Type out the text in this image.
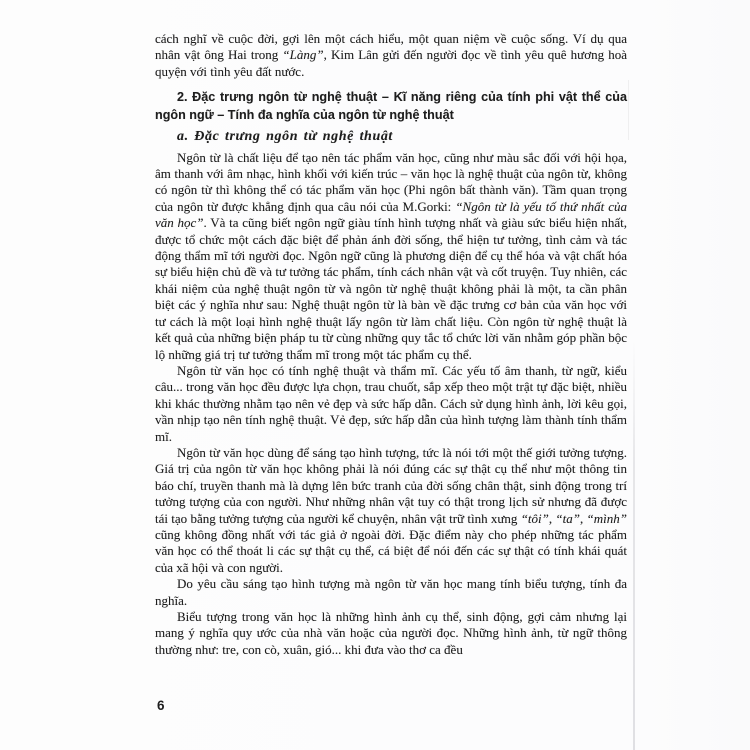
cách nghĩ về cuộc đời, gợi lên một cách hiểu, một quan niệm về cuộc sống. Ví dụ qua nhân vật ông Hai trong “Làng”, Kim Lân gửi đến người đọc về tình yêu quê hương hoà quyện với tình yêu đất nước.

2. Đặc trưng ngôn từ nghệ thuật – Kĩ năng riêng của tính phi vật thể của ngôn ngữ – Tính đa nghĩa của ngôn từ nghệ thuật

a. Đặc trưng ngôn từ nghệ thuật

Ngôn từ là chất liệu để tạo nên tác phẩm văn học, cũng như màu sắc đối với hội họa, âm thanh với âm nhạc, hình khối với kiến trúc – văn học là nghệ thuật của ngôn từ, không có ngôn từ thì không thể có tác phẩm văn học (Phi ngôn bất thành văn). Tầm quan trọng của ngôn từ được khẳng định qua câu nói của M.Gorki: “Ngôn từ là yếu tố thứ nhất của văn học”. Và ta cũng biết ngôn ngữ giàu tính hình tượng nhất và giàu sức biểu hiện nhất, được tổ chức một cách đặc biệt để phản ánh đời sống, thể hiện tư tưởng, tình cảm và tác động thẩm mĩ tới người đọc. Ngôn ngữ cũng là phương diện để cụ thể hóa và vật chất hóa sự biểu hiện chủ đề và tư tưởng tác phẩm, tính cách nhân vật và cốt truyện. Tuy nhiên, các khái niệm của nghệ thuật ngôn từ và ngôn từ nghệ thuật không phải là một, ta cần phân biệt các ý nghĩa như sau: Nghệ thuật ngôn từ là bàn về đặc trưng cơ bản của văn học với tư cách là một loại hình nghệ thuật lấy ngôn từ làm chất liệu. Còn ngôn từ nghệ thuật là kết quả của những biện pháp tu từ cùng những quy tắc tổ chức lời văn nhằm góp phần bộc lộ những giá trị tư tưởng thẩm mĩ trong một tác phẩm cụ thể.

Ngôn từ văn học có tính nghệ thuật và thẩm mĩ. Các yếu tố âm thanh, từ ngữ, kiểu câu... trong văn học đều được lựa chọn, trau chuốt, sắp xếp theo một trật tự đặc biệt, nhiều khi khác thường nhằm tạo nên vẻ đẹp và sức hấp dẫn. Cách sử dụng hình ảnh, lời kêu gọi, vần nhịp tạo nên tính nghệ thuật. Vẻ đẹp, sức hấp dẫn của hình tượng làm thành tính thẩm mĩ.

Ngôn từ văn học dùng để sáng tạo hình tượng, tức là nói tới một thế giới tưởng tượng. Giá trị của ngôn từ văn học không phải là nói đúng các sự thật cụ thể như một thông tin báo chí, truyền thanh mà là dựng lên bức tranh của đời sống chân thật, sinh động trong trí tưởng tượng của con người. Như những nhân vật tuy có thật trong lịch sử nhưng đã được tái tạo bằng tưởng tượng của người kể chuyện, nhân vật trữ tình xưng “tôi”, “ta”, “mình” cũng không đồng nhất với tác giả ở ngoài đời. Đặc điểm này cho phép những tác phẩm văn học có thể thoát li các sự thật cụ thể, cá biệt để nói đến các sự thật có tính khái quát của xã hội và con người.

Do yêu cầu sáng tạo hình tượng mà ngôn từ văn học mang tính biểu tượng, tính đa nghĩa.

Biểu tượng trong văn học là những hình ảnh cụ thể, sinh động, gợi cảm nhưng lại mang ý nghĩa quy ước của nhà văn hoặc của người đọc. Những hình ảnh, từ ngữ thông thường như: tre, con cò, xuân, gió... khi đưa vào thơ ca đều

6
